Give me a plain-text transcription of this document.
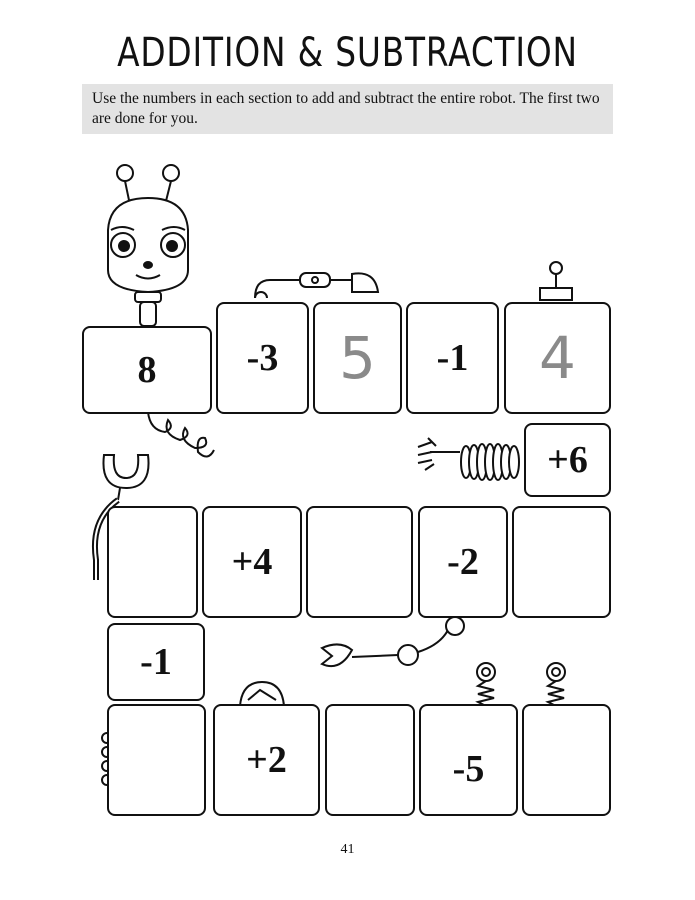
ADDITION & SUBTRACTION
Use the numbers in each section to add and subtract the entire robot. The first two are done for you.
8	-3	5	-1	4
+6
+4	-2
-1
+2	-5
41
